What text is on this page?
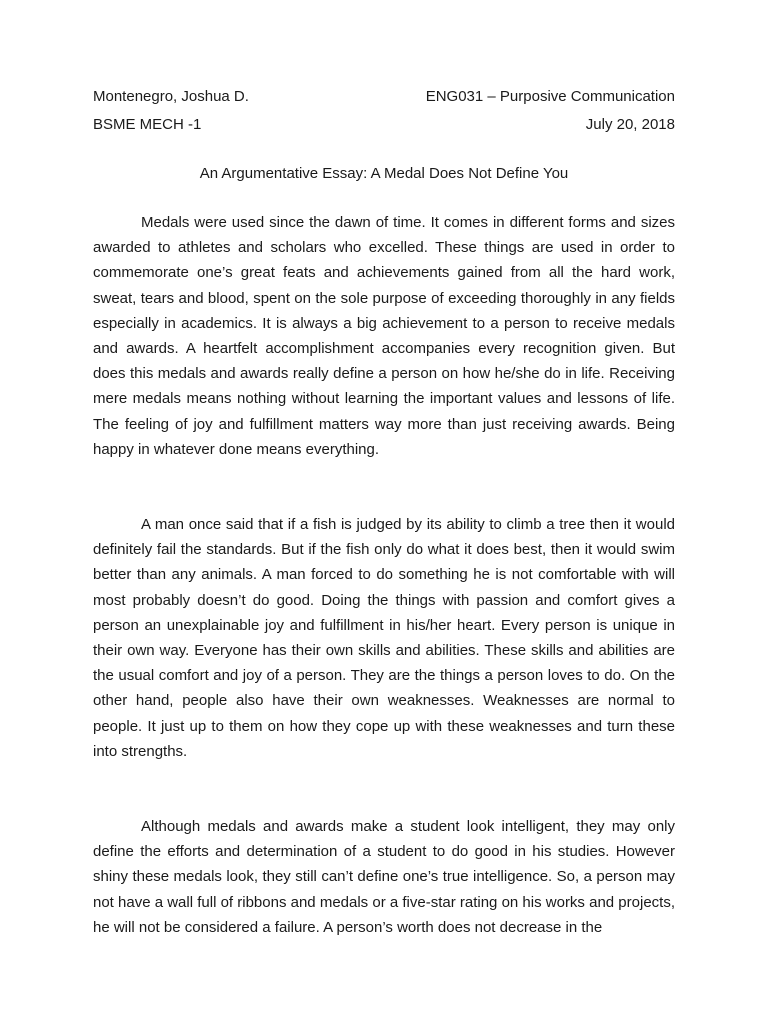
Montenegro, Joshua D.	ENG031 – Purposive Communication
BSME MECH -1	July 20, 2018
An Argumentative Essay: A Medal Does Not Define You

Medals were used since the dawn of time. It comes in different forms and sizes awarded to athletes and scholars who excelled. These things are used in order to commemorate one’s great feats and achievements gained from all the hard work, sweat, tears and blood, spent on the sole purpose of exceeding thoroughly in any fields especially in academics. It is always a big achievement to a person to receive medals and awards. A heartfelt accomplishment accompanies every recognition given. But does this medals and awards really define a person on how he/she do in life. Receiving mere medals means nothing without learning the important values and lessons of life. The feeling of joy and fulfillment matters way more than just receiving awards. Being happy in whatever done means everything.

A man once said that if a fish is judged by its ability to climb a tree then it would definitely fail the standards. But if the fish only do what it does best, then it would swim better than any animals. A man forced to do something he is not comfortable with will most probably doesn’t do good. Doing the things with passion and comfort gives a person an unexplainable joy and fulfillment in his/her heart. Every person is unique in their own way. Everyone has their own skills and abilities. These skills and abilities are the usual comfort and joy of a person. They are the things a person loves to do. On the other hand, people also have their own weaknesses. Weaknesses are normal to people. It just up to them on how they cope up with these weaknesses and turn these into strengths.

Although medals and awards make a student look intelligent, they may only define the efforts and determination of a student to do good in his studies. However shiny these medals look, they still can’t define one’s true intelligence. So, a person may not have a wall full of ribbons and medals or a five-star rating on his works and projects, he will not be considered a failure. A person’s worth does not decrease in the
